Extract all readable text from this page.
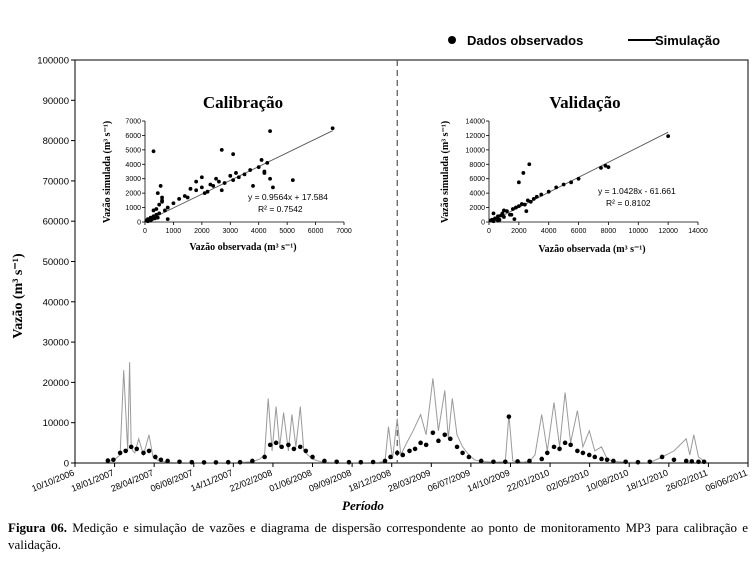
0
10000
20000
30000
40000
50000
60000
70000
80000
90000
100000
10/10/2006
18/01/2007
28/04/2007
06/08/2007
14/11/2007
22/02/2008
01/06/2008
09/09/2008
18/12/2008
28/03/2009
06/07/2009
14/10/2009
22/01/2010
02/05/2010
10/08/2010
18/11/2010
26/02/2011
06/06/2011
Vazão (m³ s⁻¹)
Período
Dados observados	Simulação
Calibração
y = 0.9564x + 17.584
R² = 0.7542
Vazão observada (m³ s⁻¹)
Vazão simulada (m³ s⁻¹)	0
1000
2000
3000
4000
5000
6000
7000
0	1000 2000 3000 4000 5000 6000 7000
Validação
y = 1.0428x - 61.661
R² = 0.8102
Vazão observada (m³ s⁻¹)
Vazão simulada (m³ s⁻¹)	0
2000
4000
6000
8000
10000
12000
14000
0	2000 4000 6000 8000 10000 12000 14000
Figura 06. Medição e simulação de vazões e diagrama de dispersão correspondente ao ponto de monitoramento MP3 para calibração e validação.
